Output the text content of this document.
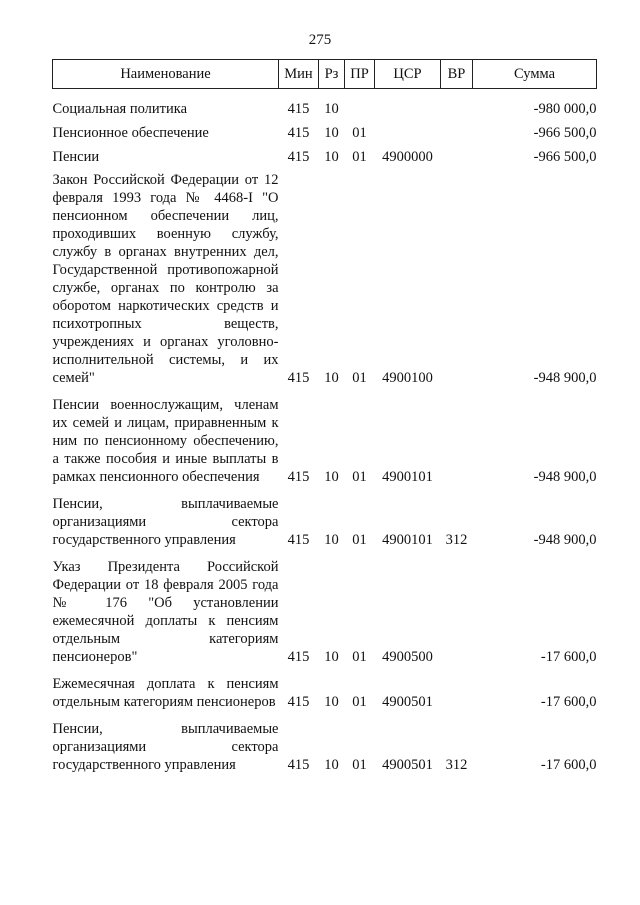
275
Наименование	Мин	Рз	ПР	ЦСР	ВР	Сумма

Социальная политика	415	10				-980 000,0
Пенсионное обеспечение	415	10	01			-966 500,0
Пенсии	415	10	01	4900000		-966 500,0

Закон Российской Федерации от 12 февраля 1993 года № 4468-I "О пенсионном обеспечении лиц, проходивших военную службу, службу в органах внутренних дел, Государственной противопожарной службе, органах по контролю за оборотом наркотических средств и психотропных веществ, учреждениях и органах уголовно-исполнительной системы, и их семей"	415	10	01	4900100		-948 900,0

Пенсии военнослужащим, членам их семей и лицам, приравненным к ним по пенсионному обеспечению, а также пособия и иные выплаты в рамках пенсионного обеспечения	415	10	01	4900101		-948 900,0

Пенсии, выплачиваемые организациями сектора государственного управления	415	10	01	4900101	312	-948 900,0

Указ Президента Российской Федерации от 18 февраля 2005 года № 176 "Об установлении ежемесячной доплаты к пенсиям отдельным категориям пенсионеров"	415	10	01	4900500		-17 600,0

Ежемесячная доплата к пенсиям отдельным категориям пенсионеров	415	10	01	4900501		-17 600,0

Пенсии, выплачиваемые организациями сектора государственного управления	415	10	01	4900501	312	-17 600,0
